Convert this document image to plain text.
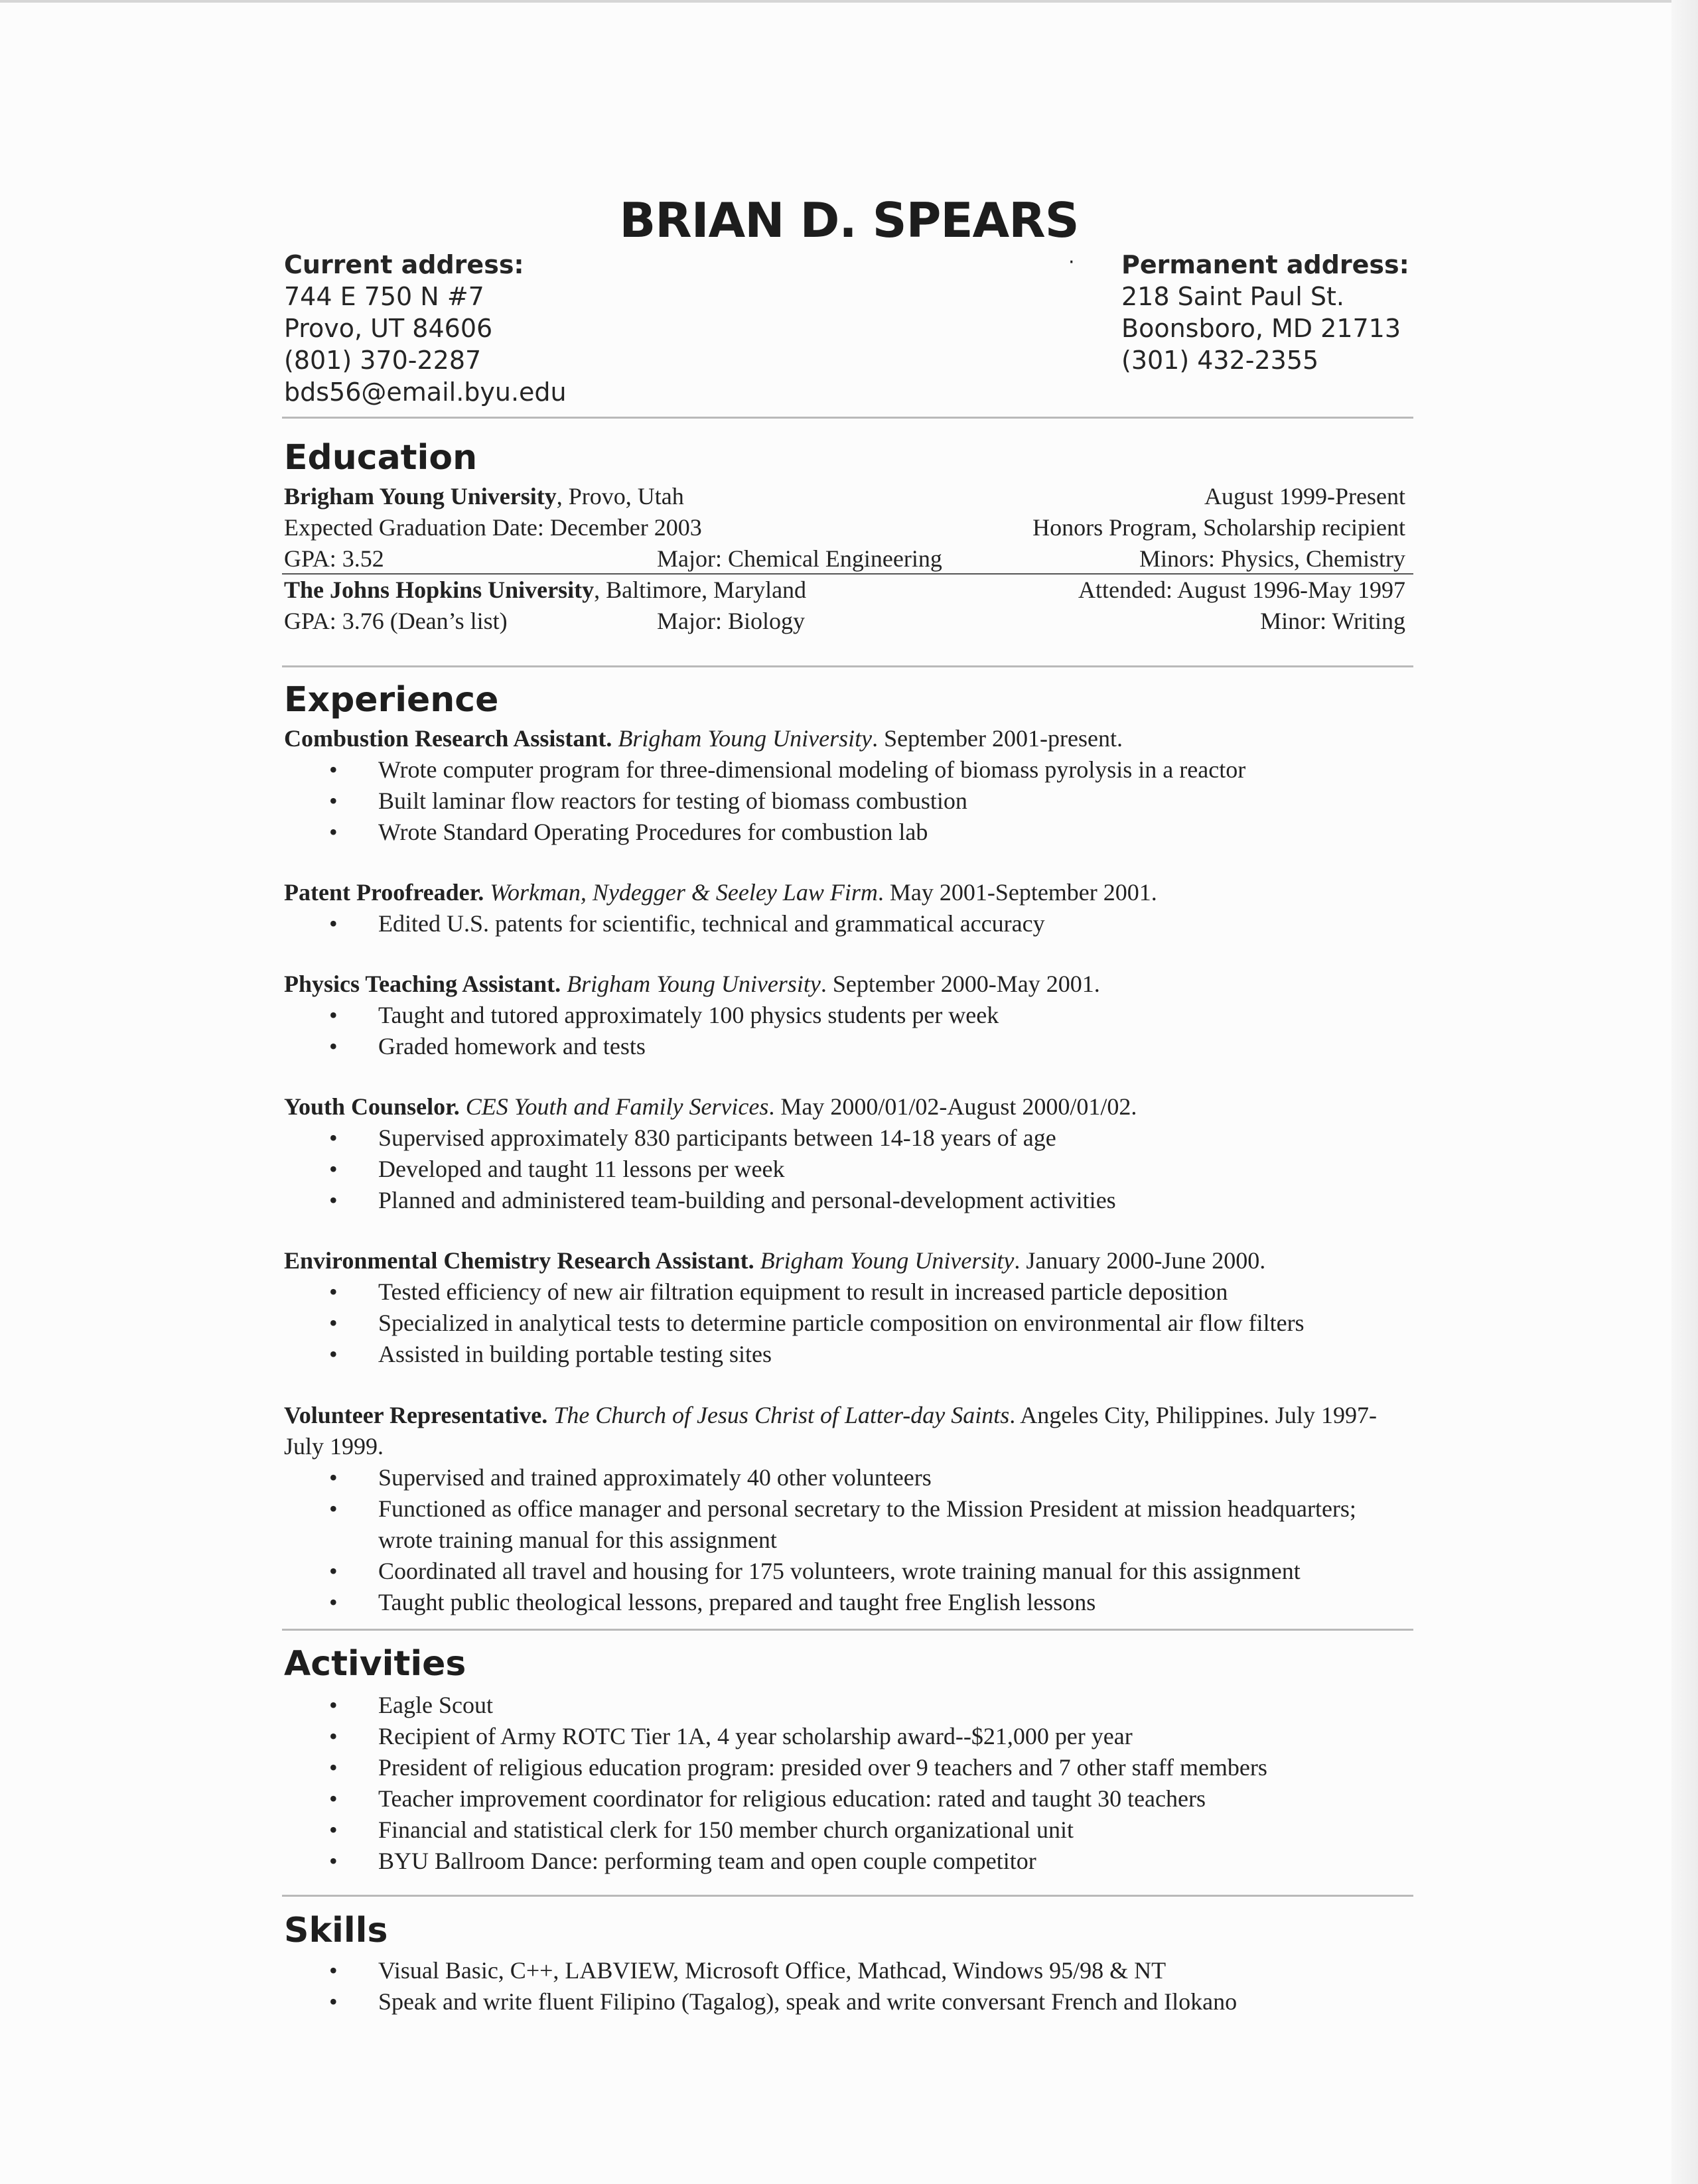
BRIAN D. SPEARS
Current address:
744 E 750 N #7
Provo, UT 84606
(801) 370-2287
bds56@email.byu.edu
· Permanent address:
218 Saint Paul St.
Boonsboro, MD 21713
(301) 432-2355
Education
Brigham Young University, Provo, Utah	August 1999-Present
Expected Graduation Date: December 2003	Honors Program, Scholarship recipient
GPA: 3.52	Major: Chemical Engineering	Minors: Physics, Chemistry
The Johns Hopkins University, Baltimore, Maryland	Attended: August 1996-May 1997
GPA: 3.76 (Dean’s list)	Major: Biology	Minor: Writing
Experience
Combustion Research Assistant. Brigham Young University. September 2001-present.
• Wrote computer program for three-dimensional modeling of biomass pyrolysis in a reactor
• Built laminar flow reactors for testing of biomass combustion
• Wrote Standard Operating Procedures for combustion lab
Patent Proofreader. Workman, Nydegger & Seeley Law Firm. May 2001-September 2001.
• Edited U.S. patents for scientific, technical and grammatical accuracy
Physics Teaching Assistant. Brigham Young University. September 2000-May 2001.
• Taught and tutored approximately 100 physics students per week
• Graded homework and tests
Youth Counselor. CES Youth and Family Services. May 2000/01/02-August 2000/01/02.
• Supervised approximately 830 participants between 14-18 years of age
• Developed and taught 11 lessons per week
• Planned and administered team-building and personal-development activities
Environmental Chemistry Research Assistant. Brigham Young University. January 2000-June 2000.
• Tested efficiency of new air filtration equipment to result in increased particle deposition
• Specialized in analytical tests to determine particle composition on environmental air flow filters
• Assisted in building portable testing sites
Volunteer Representative. The Church of Jesus Christ of Latter-day Saints. Angeles City, Philippines. July 1997-July 1999.
• Supervised and trained approximately 40 other volunteers
• Functioned as office manager and personal secretary to the Mission President at mission headquarters; wrote training manual for this assignment
• Coordinated all travel and housing for 175 volunteers, wrote training manual for this assignment
• Taught public theological lessons, prepared and taught free English lessons
Activities
• Eagle Scout
• Recipient of Army ROTC Tier 1A, 4 year scholarship award--$21,000 per year
• President of religious education program: presided over 9 teachers and 7 other staff members
• Teacher improvement coordinator for religious education: rated and taught 30 teachers
• Financial and statistical clerk for 150 member church organizational unit
• BYU Ballroom Dance: performing team and open couple competitor
Skills
• Visual Basic, C++, LABVIEW, Microsoft Office, Mathcad, Windows 95/98 & NT
• Speak and write fluent Filipino (Tagalog), speak and write conversant French and Ilokano
